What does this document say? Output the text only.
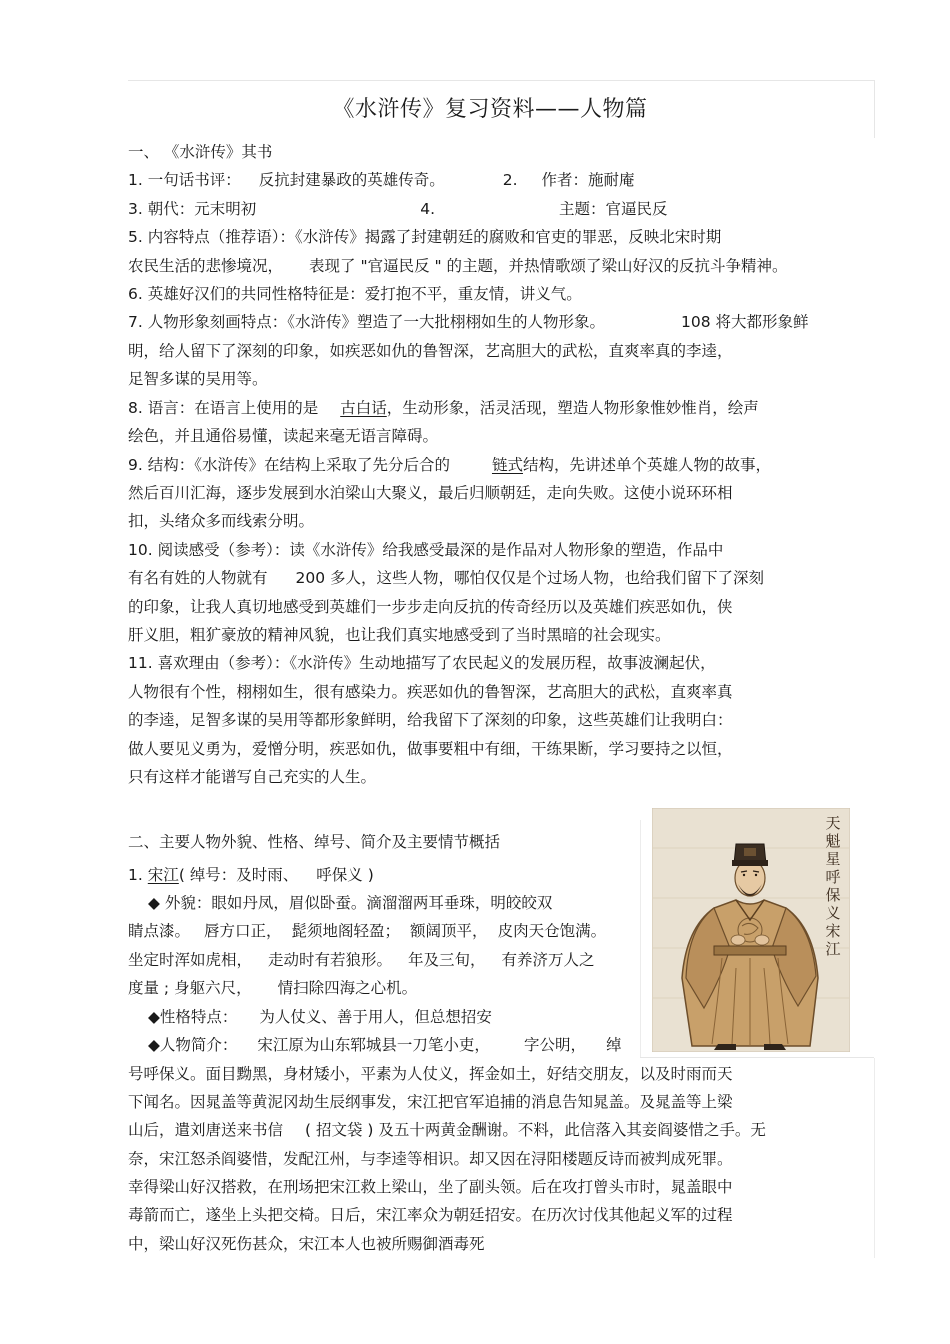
《水浒传》复习资料——人物篇
一、 《水浒传》其书
1. 一句话书评： 反抗封建暴政的英雄传奇。	2. 作者：施耐庵
3. 朝代：元末明初	4.	主题：官逼民反
5. 内容特点（推荐语）：《水浒传》揭露了封建朝廷的腐败和官吏的罪恶，反映北宋时期
农民生活的悲惨境况， 表现了 "官逼民反 " 的主题，并热情歌颂了梁山好汉的反抗斗争精神。
6. 英雄好汉们的共同性格特征是：爱打抱不平，重友情，讲义气。
7. 人物形象刻画特点：《水浒传》塑造了一大批栩栩如生的人物形象。	108 将大都形象鲜
明，给人留下了深刻的印象，如疾恶如仇的鲁智深，艺高胆大的武松，直爽率真的李逵，
足智多谋的吴用等。
8. 语言：在语言上使用的是 古白话，生动形象，活灵活现，塑造人物形象惟妙惟肖，绘声
绘色，并且通俗易懂，读起来毫无语言障碍。
9. 结构：《水浒传》在结构上采取了先分后合的	链式结构，先讲述单个英雄人物的故事，
然后百川汇海，逐步发展到水泊梁山大聚义，最后归顺朝廷，走向失败。这使小说环环相
扣，头绪众多而线索分明。
10. 阅读感受（参考）：读《水浒传》给我感受最深的是作品对人物形象的塑造，作品中
有名有姓的人物就有 200 多人，这些人物，哪怕仅仅是个过场人物，也给我们留下了深刻
的印象，让我人真切地感受到英雄们一步步走向反抗的传奇经历以及英雄们疾恶如仇，侠
肝义胆，粗犷豪放的精神风貌，也让我们真实地感受到了当时黑暗的社会现实。
11. 喜欢理由（参考）：《水浒传》生动地描写了农民起义的发展历程，故事波澜起伏，
人物很有个性，栩栩如生，很有感染力。疾恶如仇的鲁智深，艺高胆大的武松，直爽率真
的李逵，足智多谋的吴用等都形象鲜明，给我留下了深刻的印象，这些英雄们让我明白：
做人要见义勇为，爱憎分明，疾恶如仇，做事要粗中有细，干练果断，学习要持之以恒，
只有这样才能谱写自己充实的人生。
二、主要人物外貌、性格、绰号、简介及主要情节概括
1. 宋江( 绰号：及时雨、 呼保义 )
◆ 外貌：眼如丹凤，眉似卧蚕。滴溜溜两耳垂珠，明皎皎双
睛点漆。 唇方口正， 髭须地阁轻盈； 额阔顶平， 皮肉天仓饱满。
坐定时浑如虎相， 走动时有若狼形。 年及三旬， 有养济万人之
度量 ; 身躯六尺， 情扫除四海之心机。
◆性格特点： 为人仗义、善于用人，但总想招安
◆人物简介： 宋江原为山东郓城县一刀笔小吏， 字公明， 绰
号呼保义。面目黝黑，身材矮小，平素为人仗义，挥金如土，好结交朋友，以及时雨而天
下闻名。因晁盖等黄泥冈劫生辰纲事发，宋江把官军追捕的消息告知晁盖。及晁盖等上梁
山后，遣刘唐送来书信 ( 招文袋 ) 及五十两黄金酬谢。不料，此信落入其妾阎婆惜之手。无
奈，宋江怒杀阎婆惜，发配江州，与李逵等相识。却又因在浔阳楼题反诗而被判成死罪。
幸得梁山好汉搭救，在刑场把宋江救上梁山，坐了副头领。后在攻打曾头市时，晁盖眼中
毒箭而亡，遂坐上头把交椅。日后，宋江率众为朝廷招安。在历次讨伐其他起义军的过程
中，梁山好汉死伤甚众，宋江本人也被所赐御酒毒死
天
魁
星
呼
保
义
宋
江
